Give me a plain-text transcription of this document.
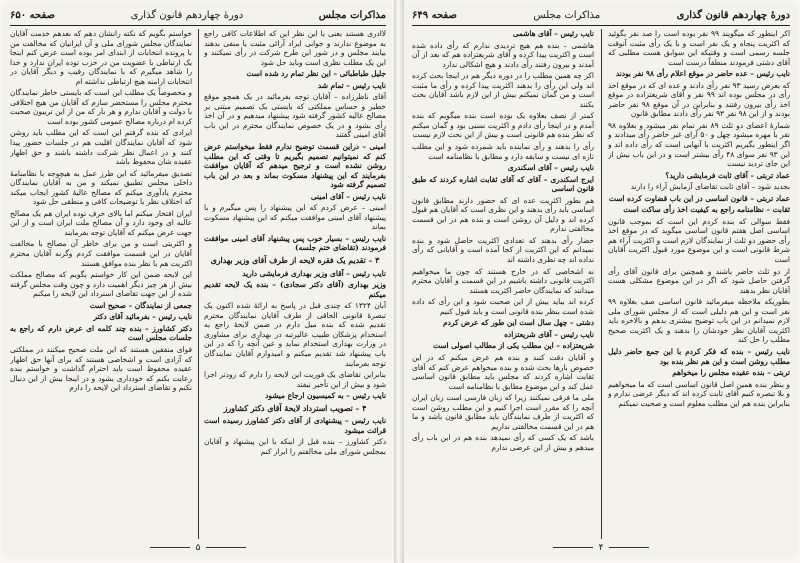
مذاکرات مجلس
دورهٔ چهاردهم قانون گذاری
صفحه ۶۵۰

لاادری هستند بعنی با این نظر این که اطلاعات کافی راجع به موضوع ندارند و جوابی ایراد آرائی مثبت یا منفی بدهند بیایند مجلس و در شور این طرح شرکت در رأی نمیکنند و این یک مطلب نظری است وباید حل شود

جلیل طباطبائی – این نظر تمام رد شده است

نایب رئیس – تمام شد

آقای ناظرزاده – آقایان توجه بفرمائید در یک همچو موقع خطیر و حساس مملکتی که بایستی یک تصمیم مبتنی بر مصالح عالیه کشور گرفته شود پیشنهاد میدهیم و در آن اخذ رأی بشود و در یک خصوص نمایندگان محترم در این باب آقای امینی گفتند

امینی – دراین قسمت توضیح ندارم فقط میخواستم عرض کنم که نمیتوانیم تصمیم بگیریم تا وقتی که این مطلب روشن نشده است و ترجیح میدهم که آقایان موافقت بفرمایند که این پیشنهاد مسکوت بماند و بعد در این باب تصمیم گرفته شود

نایب رئیس – آقای امینی

امینی – عرض کردم که این پیشنهاد را پس میگیرم و با پیشنهاد آقای امینی موافقت میکنم که این پیشنهاد مسکوت بماند

نایب رئیس – بسیار خوب پس پیشنهاد آقای امینی موافقت فرمودند (تقاضای ختم جلسه)

۳ – تقدیم یک فقره لایحه از طرف آقای وزیر بهداری

نایب رئیس – آقای وزیر بهداری فرمایشی دارید

وزیر بهداری (آقای دکتر سجادی) – بنده یک لایحه تقدیم میکنم

آبان ۱۳۲۴ که چندی قبل در پاسخ به ارائهٔ شده اکنون یک تبصرهٔ قانونی الحاقی از طرف آقایان نمایندگان محترم تقدیم شده که بنده میل دارم در ضمن لایحهٔ راجع به استخدام پزشکان طبیب عالیرتبه در بهداری برای مشاوری در وزارت بهداری استخدام نماید و عین آنچه را که در این باب پیشنهاد شد تقدیم میکنم و امیدوارم آقایان نمایندگان توجه بفرمایند

بنابراین تقاضای یک فوریت این لایحه را دارم که زودتر اجرا شود و بیش از این تأخیر نیفتد

نایب رئیس – به کمیسیون ارجاع میشود

۴ – تصویب استرداد لایحهٔ آقای دکتر کشاورز

نایب رئیس – پیشنهادی از آقای دکتر کشاورز رسیده است قرائت میشود

دکتر کشاورز – بنده قبل از اینکه با این پیشنهاد و آقایان بمجلس شورای ملی مخالفتم را ابراز کنم

خواستم بگویم که نکته رانشان دهم که بعدهم خدمت آقایان نمایندگان مجلس شورای ملی و آن ایرانیان که مخالفت من با پرونده انتخابات از ابتدای امر بوده است عرض کنم اینجا یک ارتباطی با عضویت من در حزب توده ایران ندارد و خدا را شاهد میگیرم که با نمایندگان رقیب و دیگر آقایان در انتخابات ارامنه هیچ ارتباطی نداشته ام

و مخصوصاً یک مطلب این است که بایستی خاطر نمایندگان محترم مجلس را مستحضر سازم که آقایان من هیچ اختلافی با دولت و آقایان ندارم و هر بار که من از این تریبون صحبت کرده ام درباره مصالح عمومی کشور بوده است

ایرادی که بنده گرفتم این است که این مطلب باید روشن شود که آقایان نمایندگان اقلیت هم در جلسات حضور پیدا کنند و در اعمال نظر شرکت داشته باشند و حق اظهار عقیده شان محفوظ باشد

تصدیق میفرمائید که این طرز عمل به هیچوجه با نظامنامهٔ داخلی مجلس تطبیق نمیکند و من به آقایان نمایندگان محترم یادآوری میکنم که مصالح عالیهٔ کشور ایجاب میکند که اختلاف نظر با توضیحات کافی و منطقی حل شود

ایران افتخار میکنم اما بالای حرف توده ایران هم یک مصالح عالیه ای وجود دارد و آن مصالح ملت ایران است و از این جهت عرض میکنم که آقایان توجه بفرمایند

و اکثریتی است و من برای خاطر آن مصالح با مخالفت آقایان در این قسمت موافقت کردم وگرنه آقایان محترم اکثریت هم با نظر بنده موافق هستند

این لایحه ضمن این کار خواستم بگویم که مصالح مملکت بیش از هر چیز دیگر اهمیت دارد و چون وقت مجلس گرفته شده از این جهت تقاضای استرداد این لایحه را میکنم

جمعی از نمایندگان – صحیح است

نایب رئیس – بفرمائید آقای دکتر

دکتر کشاورز – بنده چند کلمه ای عرض دارم که راجع به جلسات مجلس است

قوای متفقین هستند که این ملت صحیح میکنند در مملکتی که آزادی است و اشخاصی هستند که برای آنها حق اظهار عقیده محفوظ است باید احترام گذاشت و خواستم بنده رعایت بکنم که خودداری بشود و در اینجا بیش از این دنبال نکنم و تقاضای استرداد این لایحه را دارم

۵
دورهٔ چهاردهم قانون گذاری
مذاکرات مجلس
صفحه ۶۴۹

اکر اینطور که میگویند ۹۹ نفر بوده است را صد نفر بگوئید که اکثریت پنجاه و یک نفر است و با یک رأی مثبت آنوقت جلسه رسمی است و وقتیکه این سوابق هست مطلبی که آقای دشتی فرمودند منطقاً درست است

نایب رئیس – عده حاضر در موقع اعلام رأی ۹۸ نفر بودند

که بعرض رسید ۹۳ نفر رأی دادند و عده ای که در موقع اخذ رأی در مجلس بوده اند ۹۹ نفر و آقای شریعتزاده در موقع اخذ رأی بیرون رفتند و بنابراین در آن موقع ۹۸ نفر حاضر بودند و از این ۹۸ نفر ۹۳ نفر رأی دادند مطابق قانون

شمارهٔ اعضای دو ثلث ۸۹ نفر تمام نفر میشود و بعلاوه ۹۸ نفر با مهره میشود چهل و ۵۰ آرای غیر حاضر رأی میدادند و اگر اینطور بگیریم اکثریت با آنهایی است که رأی داده اند و این ۹۳ نفر سوای ۴۸ رأی بیشتر است و در این باب بیش از این جای تردید نیست

عماد تربتی – آقای ثابت فرمایشی دارید؟

بجدید شود – آقای ثابت تقاضای آزمایش آراء را دارند

عماد تربتی – قانون اساسی در این باب قضاوت کرده است

ثقابت – نظامنامه راجع به کیفیت اخذ رأی ساکت است

فقط سوالی که بنده کردم این است که بموجب قانون اساسی اصل هفتم قانون اساسی میگوید که در موقع اخذ رأی حضور دو ثلث از نمایندگان لازم است و اکثریت آراء هم شرط قانونی است و این موضوع مورد قبول اکثریت آقایان است

از دو ثلث حاضر باشند و همچنین برای قانون آقای رأی گرفتن حاصل شود که اگر در این موضوع مشکلی هست آقایان نظر بدهند

بطوریکه ملاحظه میفرمائید قانون اساسی صف بعلاوه ۹۹ نفر است و این هم دلیلی است که از مجلس شورای ملی لازم نمیدانم در این باب توضیح بیشتری بدهم و بالاخره باید اکثریت آقایان نظر خودشان را بدهند و یک اکثریت صحیح مطلب را حل کند

نایب رئیس – بنده که فکر کردم با این جمع حاضر دلیل مطلب روشن است و این هم نظر بنده بود

تربتی – بنده عقیده مجلس را میخواهم

و بنظر بنده همین اصل قانون اساسی است که ما میخواهیم و بلا تبصره کنیم آقای ثابت کرده اند که دیگر عرضی ندارم و بنابراین بنده هم این مطلب معلوم است و صحبت نمیکنم

نایب رئیس – آقای هاشمی

هاشمی – بنده هم هیچ تردیدی ندارم که رأی داده شده است و اکثریت پیدا کرده و آقای شریعتزاده هم که بعد از آن آمدند و بیرون رفتند رأی دادند و هیچ اشکالی ندارد

اکر چه همین مطلب را در دوره دیگر هم در اینجا بحث کرده اند ولی این رأی را بدهند اکثریت پیدا کرده و رأی ما مثبت است و من گمان نمیکنم بیش از این لازم باشد آقایان بحث بکنند

کمتر از نصف بعلاوه یک بوده است بنده میگویم که بنده آمدم و در اینجا رأی دادم و اکثریت نسبی بود و گمان میکنم که نظر بنده هم قانونی است و بیش از این بحث لازم نیست

رأی را بدهند و رأی نماینده باید شمرده شود و این مطلب تازه ای نیست و سابقه دارد و مطابق با نظامنامه است

نایب رئیس – آقای اسکندری

ایرج اسکندری – آقای که آقای ثقابت اشاره کردند که طبق قانون اساسی

هم بطور اکثریت عده ای که حضور دارند مطابق قانون اساسی باید رأی بدهند و این نظری است که آقایان هم قبول کرده اند و دلیل آن روشن است و بنده هم در این قسمت مخالفتی ندارم

حضار رأی بدهند که تعدادی اکثریت حاصل شود و بنده نمیدانم که این اکثریت از کجا آمده است و آقایانی که رأی نداده اند چه نظری داشته اند

نه اشخاصی که در خارج هستند که چون ما میخواهیم اکثریت قانونی داشته باشیم در این قسمت و آقایان محترم میدانند که نمایندگان حاضر اکثریت هستند

کرده اند بباید بیش از این صحبت شود و این رأی که داده شده است بنظر بنده قانونی است و باید قبول کنیم

دشتی – چهل سال است این طور که عرض کردم

نایب رئیس – آقای شریعتزاده

شریعتزاده – این مطلب یکی از مطالب اصولی است

و آقایان دقت کنند و بنده هم عرض میکنم که در این خصوص بارها بحث شده و بنده میخواهم عرض کنم که آقای ثقابت اشاره کردند که مجلس باید مطابق قانون اساسی عمل کند و این موضوع مطابق با نظامنامه است

ملی ما فرقی نمیکنند زیرا که زبان فارسی است زبان ایران آنچه را که مقرر است اجرا کنیم و این مطلب روشن است که اکثریت از طرف نمایندگان باید مطابق قانون باشد و ما هم در این قسمت مخالفتی نداریم

باشد که یک کسی که رأی نمیدهد بنده هم در این باب رأی میدهم و بیش از این عرضی ندارم

۴
